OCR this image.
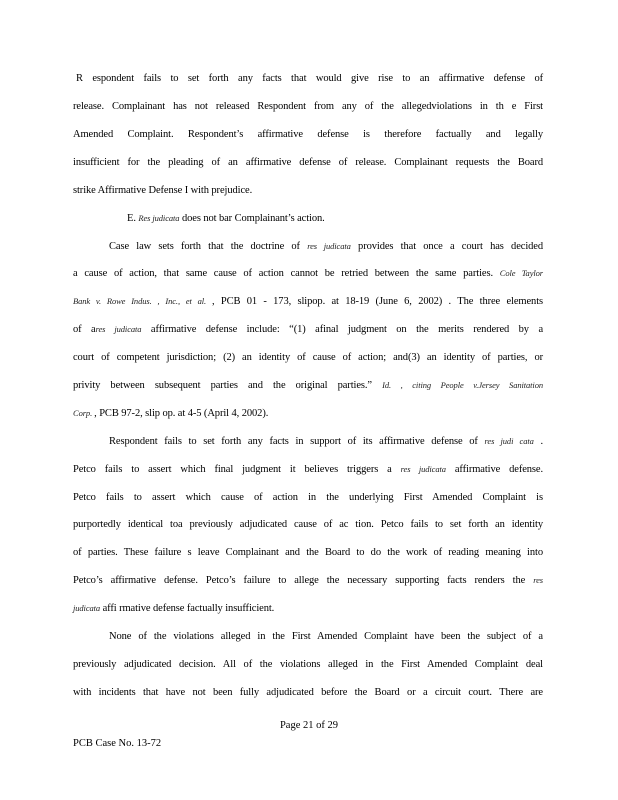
R espondent fails to set forth any facts that would give rise to an affirmative defense of
release. Complainant has not released Respondent from any of the allegedviolations in th e First
Amended Complaint. Respondent’s affirmative defense is therefore factually and legally
insufficient for the pleading of an affirmative defense of release. Complainant requests the Board
strike Affirmative Defense I with prejudice.
E. Res judicata does not bar Complainant’s action.
Case law sets forth that the doctrine of res judicata provides that once a court has decided
a cause of action, that same cause of action cannot be retried between the same parties. Cole Taylor
Bank v. Rowe Indus. , Inc., et al. , PCB 01 - 173, slipop. at 18-19 (June 6, 2002) . The three elements
of ares judicata affirmative defense include: “(1) afinal judgment on the merits rendered by a
court of competent jurisdiction; (2) an identity of cause of action; and(3) an identity of parties, or
privity between subsequent parties and the original parties.” Id. , citing People v.Jersey Sanitation
Corp. , PCB 97-2, slip op. at 4-5 (April 4, 2002).
Respondent fails to set forth any facts in support of its affirmative defense of res judi cata .
Petco fails to assert which final judgment it believes triggers a res judicata affirmative defense.
Petco fails to assert which cause of action in the underlying First Amended Complaint is
purportedly identical toa previously adjudicated cause of ac tion. Petco fails to set forth an identity
of parties. These failure s leave Complainant and the Board to do the work of reading meaning into
Petco’s affirmative defense. Petco’s failure to allege the necessary supporting facts renders the res
judicata affi rmative defense factually insufficient.
None of the violations alleged in the First Amended Complaint have been the subject of a
previously adjudicated decision. All of the violations alleged in the First Amended Complaint deal
with incidents that have not been fully adjudicated before the Board or a circuit court. There are
Page 21 of 29
PCB Case No. 13-72
